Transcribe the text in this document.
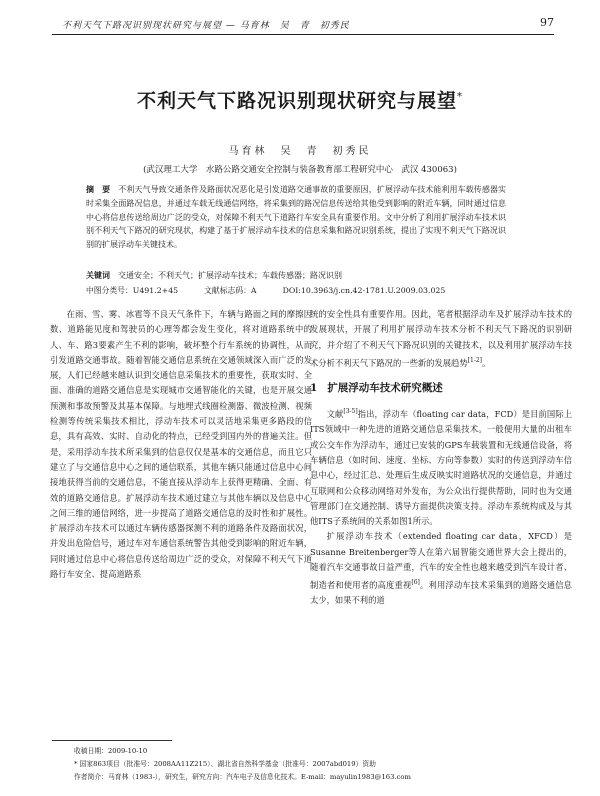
不利天气下路况识别现状研究与展望 — 马育林　吴　青　初秀民	97
不利天气下路况识别现状研究与展望*
马育林　吴　青　初秀民
(武汉理工大学　水路公路交通安全控制与装备教育部工程研究中心　武汉 430063)
摘　要 不利天气导致交通条件及路面状况恶化是引发道路交通事故的重要原因，扩展浮动车技术能利用车载传感器实时采集全面路况信息，并通过车载无线通信网络，将采集到的路况信息传送给其他受到影响的附近车辆，同时通过信息中心将信息传送给周边广泛的受众，对保障不利天气下道路行车安全具有重要作用。文中分析了利用扩展浮动车技术识别不利天气下路况的研究现状，构建了基于扩展浮动车技术的信息采集和路况识别系统，提出了实现不利天气下路况识别的扩展浮动车关键技术。
关键词 交通安全；不利天气；扩展浮动车技术；车载传感器；路况识别
中图分类号：U491.2+45	文献标志码：A	DOI:10.3963/j.cn.42-1781.U.2009.03.025

在雨、雪、雾、冰雹等不良天气条件下，车辆与路面之间的摩擦因数、道路能见度和驾驶员的心理等都会发生变化，将对道路系统中的人、车、路3要素产生不利的影响，破坏整个行车系统的协调性，从而引发道路交通事故。随着智能交通信息系统在交通领域深入而广泛的发展，人们已经越来越认识到交通信息采集技术的重要性，获取实时、全面、准确的道路交通信息是实现城市交通智能化的关键，也是开展交通预测和事故预警及其基本保障。与地埋式线圈检测器、微波检测、视频检测等传统采集技术相比，浮动车技术可以灵活地采集更多路段的信息，具有高效、实时、自动化的特点，已经受到国内外的普遍关注。但是，采用浮动车技术所采集到的信息仅仅是基本的交通信息，而且它只建立了与交通信息中心之间的通信联系，其他车辆只能通过信息中心间接地获得当前的交通信息，不能直接从浮动车上获得更精确、全面、有效的道路交通信息。扩展浮动车技术通过建立与其他车辆以及信息中心之间三维的通信网络，进一步提高了道路交通信息的及时性和扩展性。扩展浮动车技术可以通过车辆传感器探测不利的道路条件及路面状况，并发出危险信号，通过车对车通信系统警告其他受到影响的附近车辆，同时通过信息中心将信息传送给周边广泛的受众，对保障不利天气下道路行车安全、提高道路系

统的安全性具有重要作用。因此，笔者根据浮动车及扩展浮动车技术的发展现状，开展了利用扩展浮动车技术分析不利天气下路况的识别研究，并介绍了不利天气下路况识别的关键技术，以及利用扩展浮动车技术分析不利天气下路况的一些新的发展趋势[1-2]。

1 扩展浮动车技术研究概述

文献[3-5]指出，浮动车（floating car data，FCD）是目前国际上ITS领域中一种先进的道路交通信息采集技术。一般便用大量的出租车或公交车作为浮动车，通过已安装的GPS车载装置和无线通信设备，将车辆信息（如时间、速度、坐标、方向等参数）实时的传送到浮动车信息中心，经过汇总、处理后生成反映实时道路状况的交通信息，并通过互联网和公众移动网络对外发布，为公众出行提供帮助，同时也为交通管理部门在交通控制、诱导方面提供决策支持。浮动车系统构成及与其他ITS子系统间的关系如图1所示。

扩展浮动车技术（extended floating car data，XFCD）是Susanne Breitenberger等人在第六届智能交通世界大会上提出的，随着汽车交通事故日益严重，汽车的安全性也越来越受到汽车设计者、制造者和使用者的高度重视[6]。利用浮动车技术采集到的道路交通信息太少，如果不利的道

收稿日期：2009-10-10
* 国家863项目（批准号：2008AA11Z215）、湖北省自然科学基金（批准号：2007abd019）资助
作者简介：马育林（1983-），研究生，研究方向：汽车电子及信息化技术。E-mail：mayulin1983@163.com
